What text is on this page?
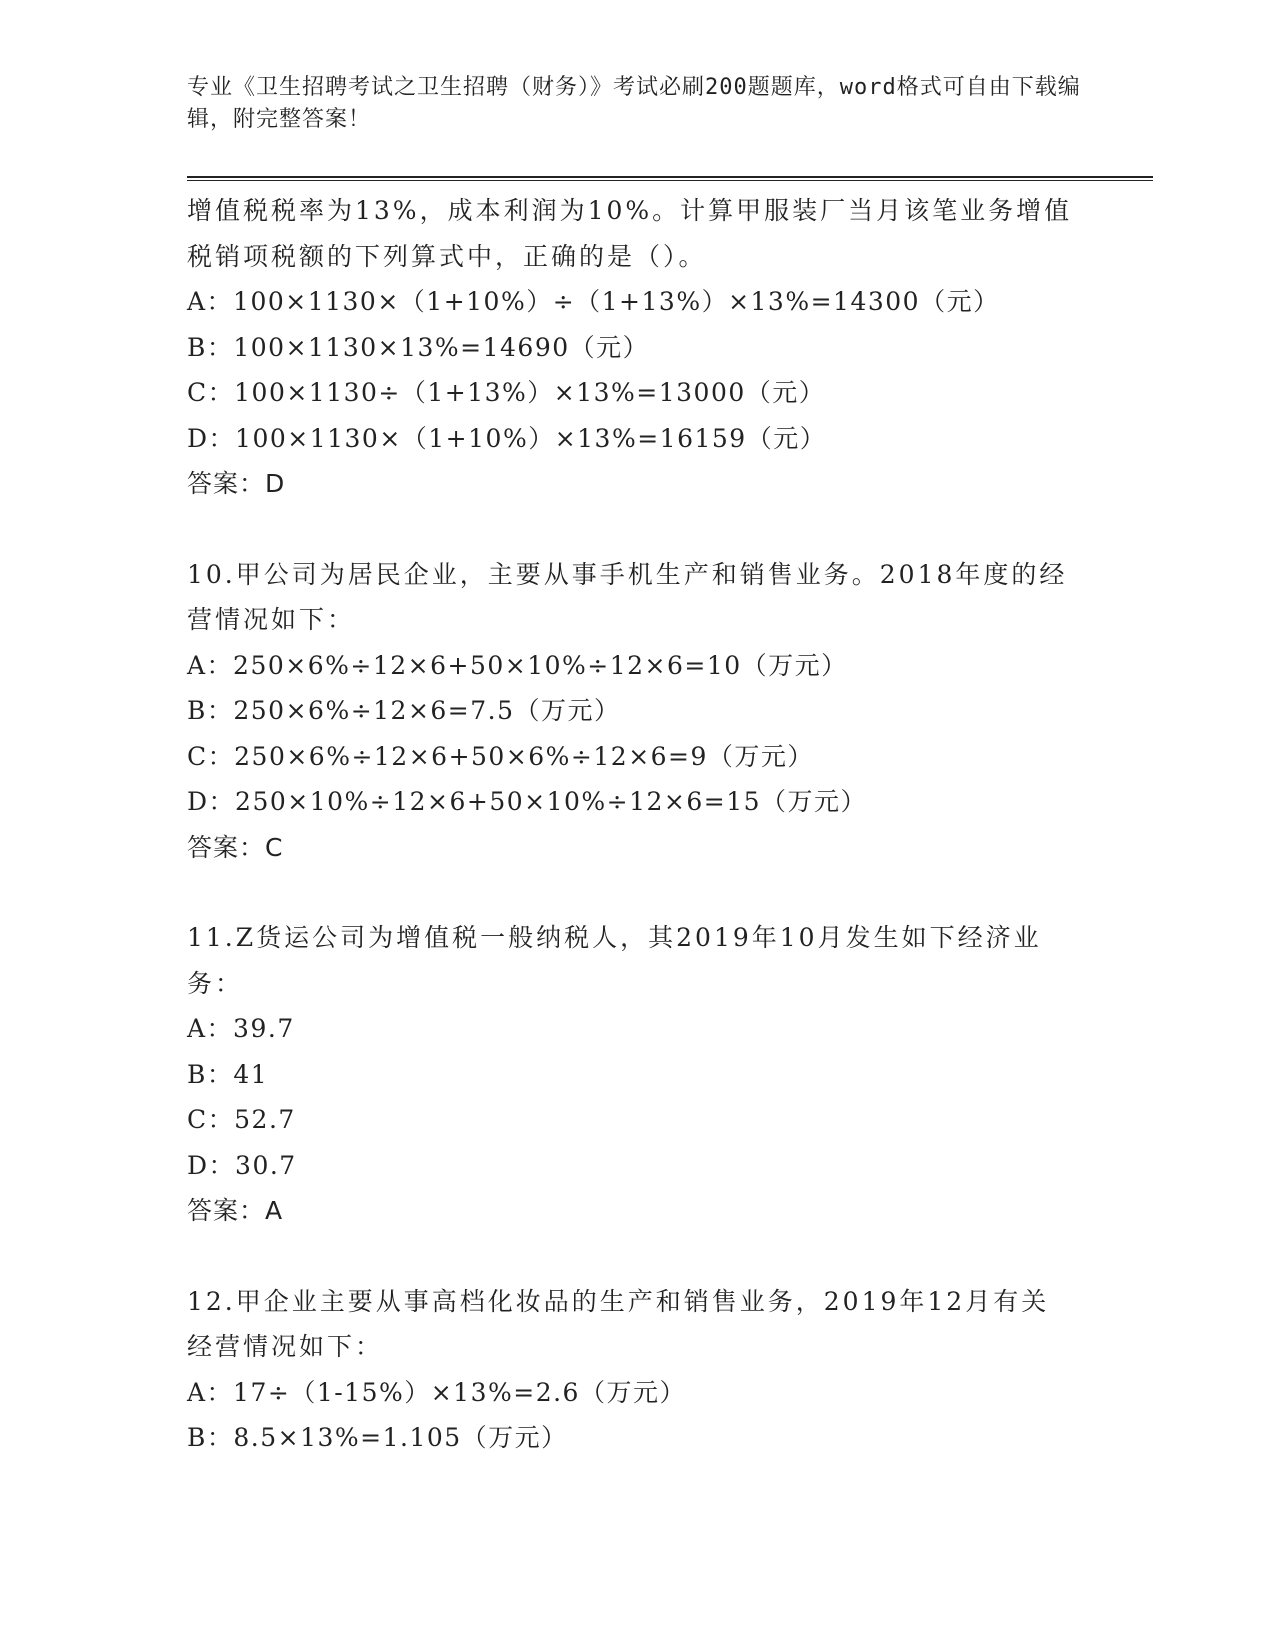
专业《卫生招聘考试之卫生招聘（财务）》考试必刷200题题库，word格式可自由下载编辑，附完整答案！
增值税税率为13%，成本利润为10%。计算甲服装厂当月该笔业务增值税销项税额的下列算式中，正确的是（）。
A：100×1130×（1+10%）÷（1+13%）×13%=14300（元）
B：100×1130×13%=14690（元）
C：100×1130÷（1+13%）×13%=13000（元）
D：100×1130×（1+10%）×13%=16159（元）
答案：D
10.甲公司为居民企业，主要从事手机生产和销售业务。2018年度的经营情况如下：
A：250×6%÷12×6+50×10%÷12×6=10（万元）
B：250×6%÷12×6=7.5（万元）
C：250×6%÷12×6+50×6%÷12×6=9（万元）
D：250×10%÷12×6+50×10%÷12×6=15（万元）
答案：C
11.Z货运公司为增值税一般纳税人，其2019年10月发生如下经济业务：
A：39.7
B：41
C：52.7
D：30.7
答案：A
12.甲企业主要从事高档化妆品的生产和销售业务，2019年12月有关经营情况如下：
A：17÷（1-15%）×13%=2.6（万元）
B：8.5×13%=1.105（万元）
